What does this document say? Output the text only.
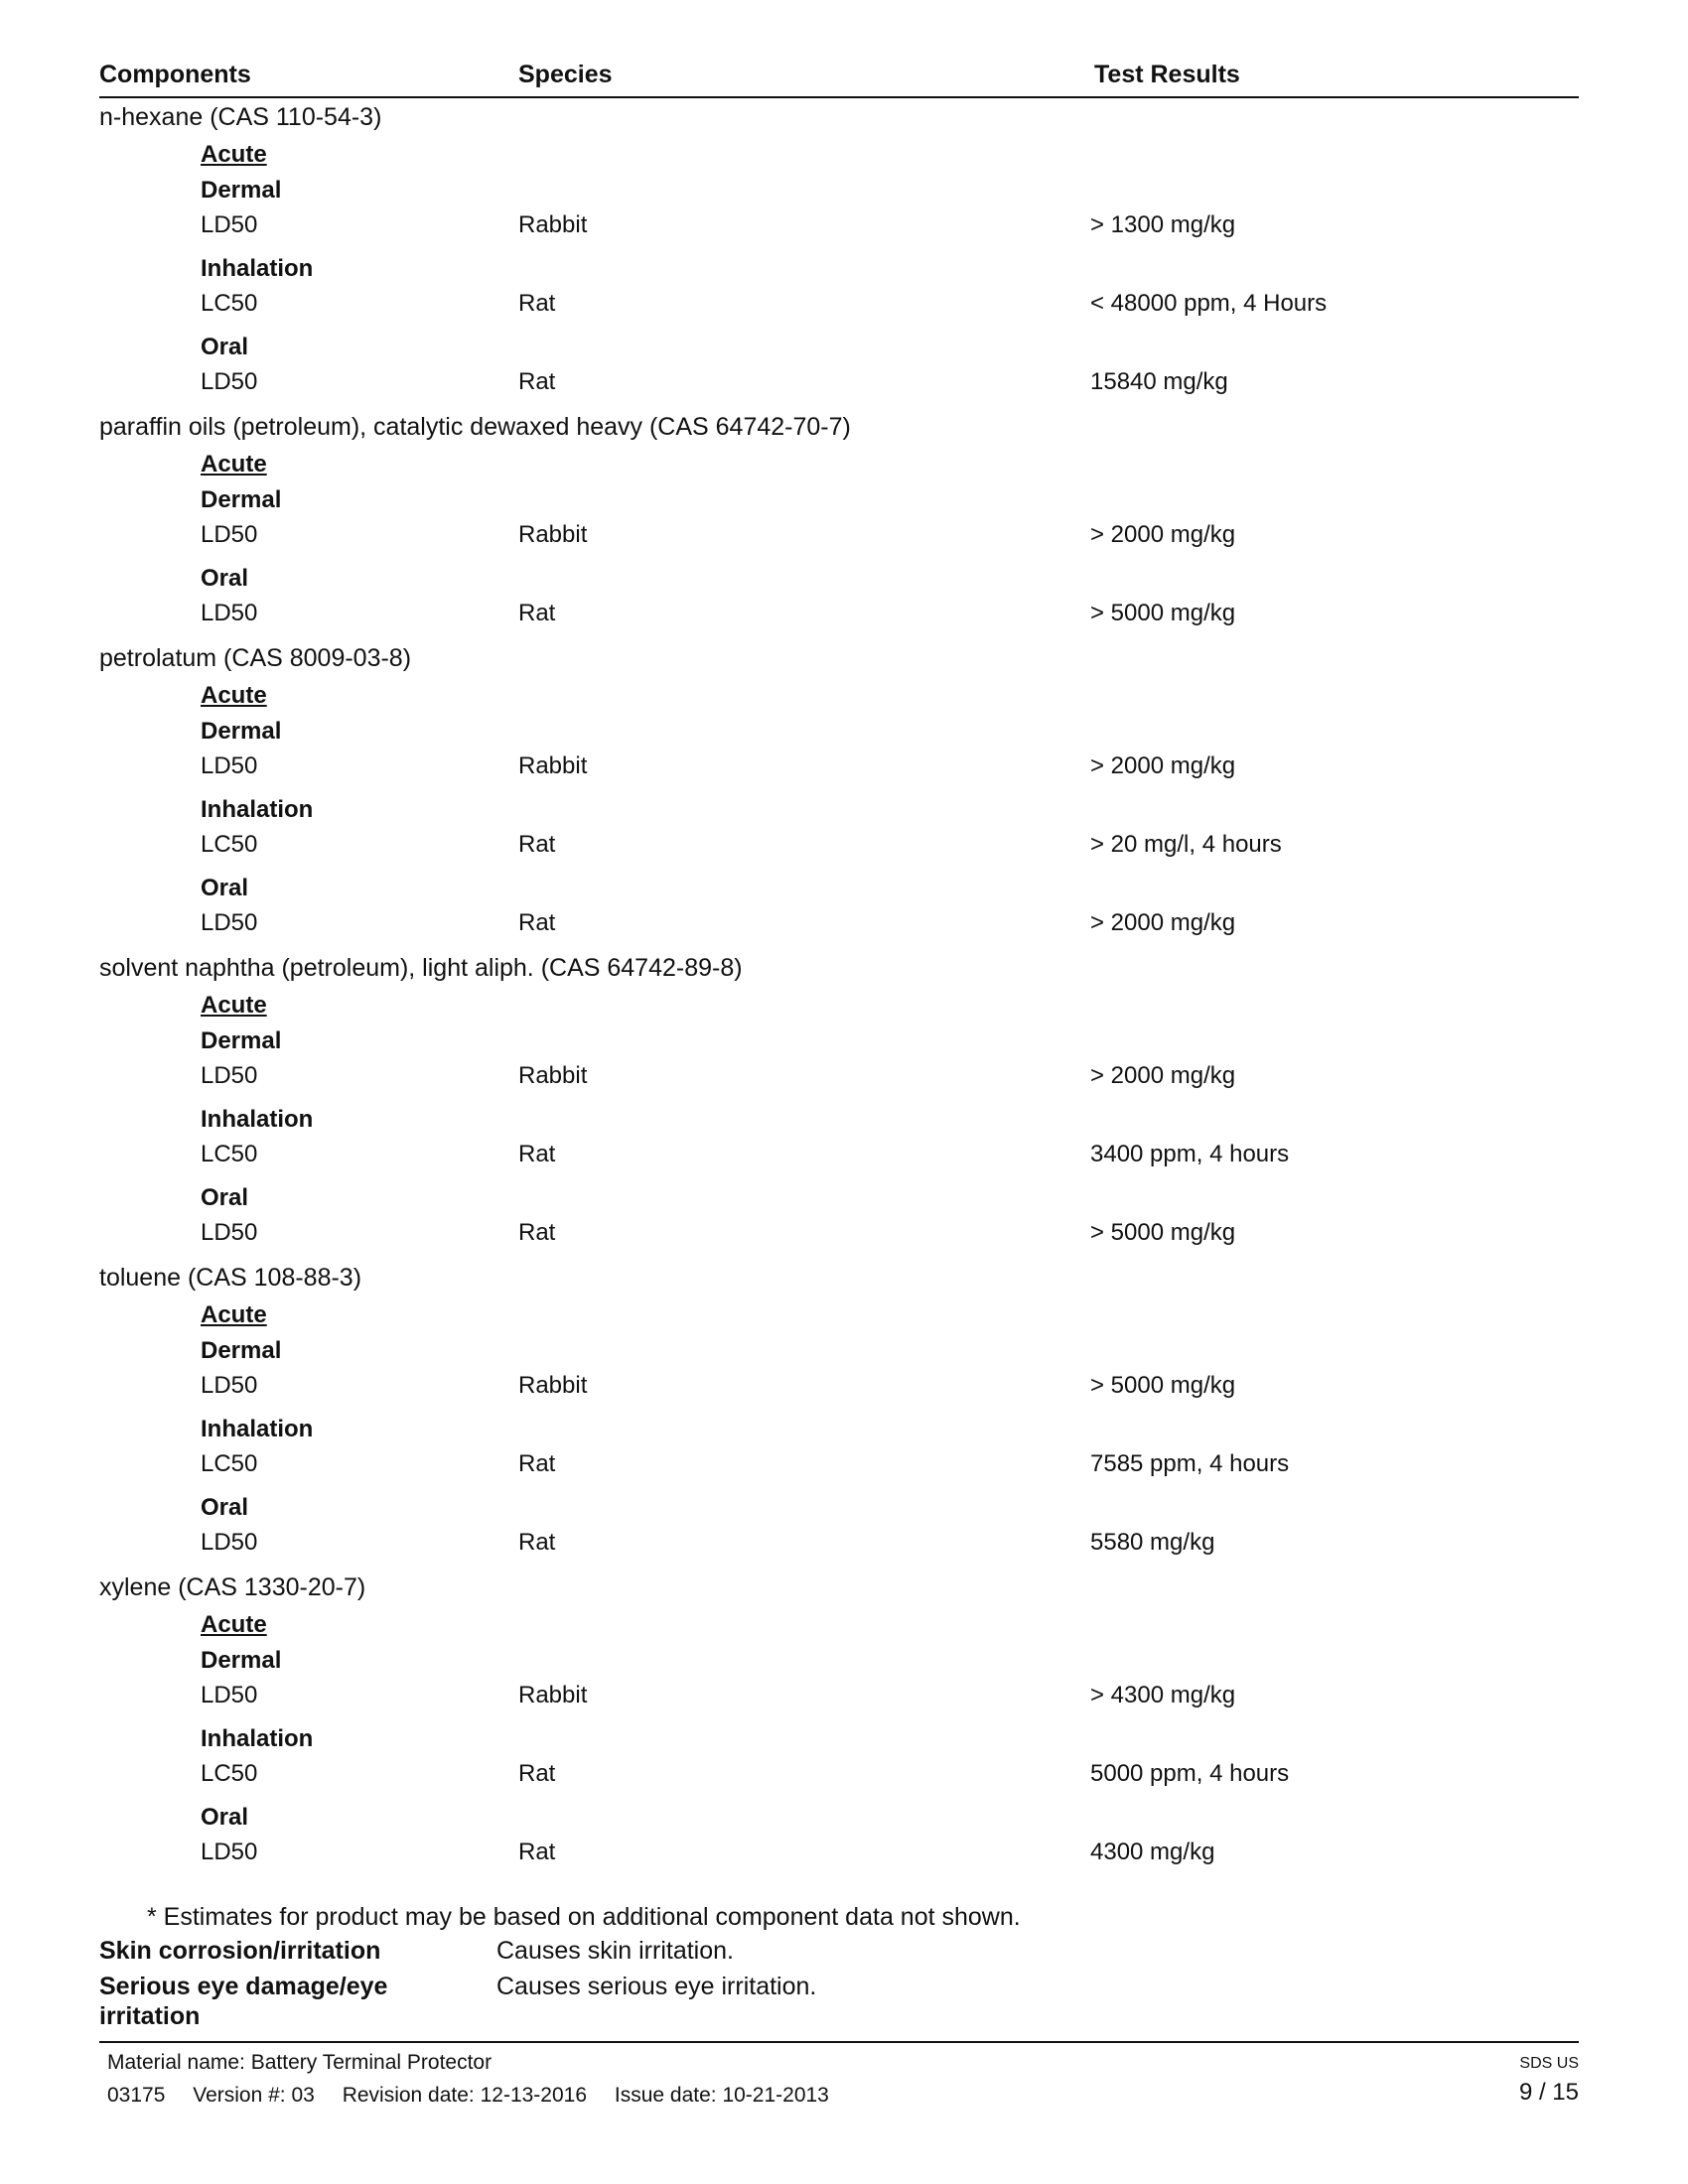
Components	Species	Test Results
n-hexane (CAS 110-54-3)
Acute
Dermal
LD50	Rabbit	> 1300 mg/kg
Inhalation
LC50	Rat	< 48000 ppm, 4 Hours
Oral
LD50	Rat	15840 mg/kg
paraffin oils (petroleum), catalytic dewaxed heavy (CAS 64742-70-7)
Acute
Dermal
LD50	Rabbit	> 2000 mg/kg
Oral
LD50	Rat	> 5000 mg/kg
petrolatum (CAS 8009-03-8)
Acute
Dermal
LD50	Rabbit	> 2000 mg/kg
Inhalation
LC50	Rat	> 20 mg/l, 4 hours
Oral
LD50	Rat	> 2000 mg/kg
solvent naphtha (petroleum), light aliph. (CAS 64742-89-8)
Acute
Dermal
LD50	Rabbit	> 2000 mg/kg
Inhalation
LC50	Rat	3400 ppm, 4 hours
Oral
LD50	Rat	> 5000 mg/kg
toluene (CAS 108-88-3)
Acute
Dermal
LD50	Rabbit	> 5000 mg/kg
Inhalation
LC50	Rat	7585 ppm, 4 hours
Oral
LD50	Rat	5580 mg/kg
xylene (CAS 1330-20-7)
Acute
Dermal
LD50	Rabbit	> 4300 mg/kg
Inhalation
LC50	Rat	5000 ppm, 4 hours
Oral
LD50	Rat	4300 mg/kg
* Estimates for product may be based on additional component data not shown.
Skin corrosion/irritation	Causes skin irritation.
Serious eye damage/eye irritation
Causes serious eye irritation.
Material name: Battery Terminal Protector
03175 Version #: 03 Revision date: 12-13-2016 Issue date: 10-21-2013
SDS US
9 / 15
